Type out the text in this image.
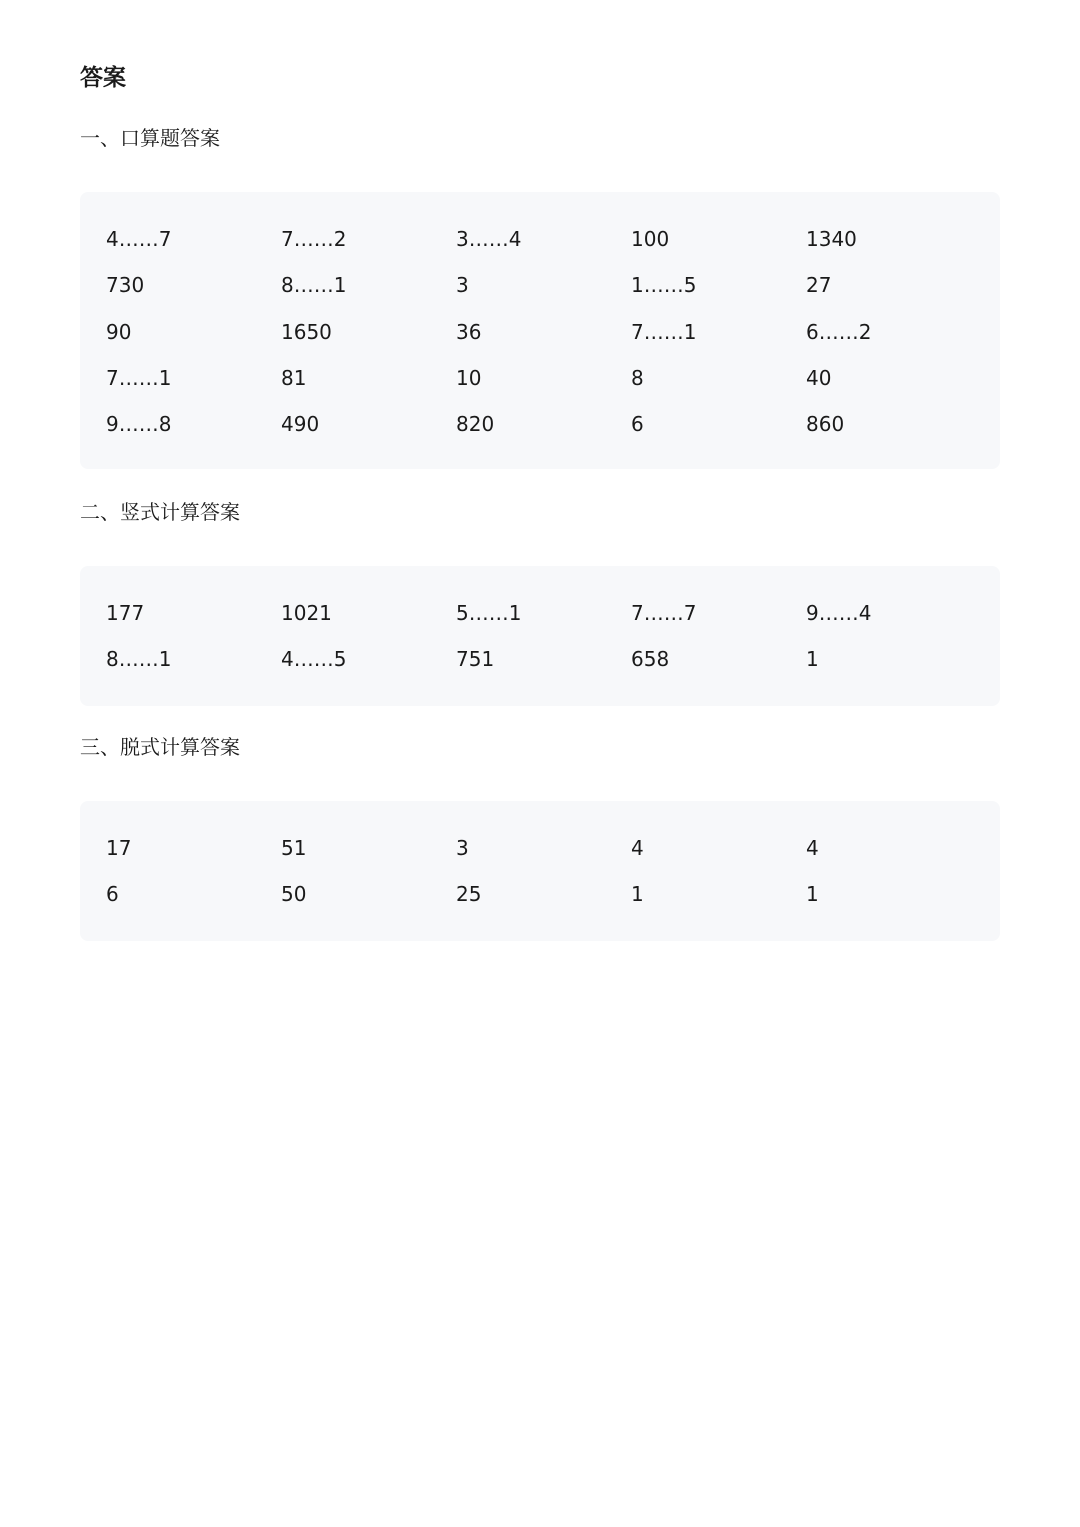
答案
一、口算题答案
4……7	7……2	3……4	100	1340
730	8……1	3	1……5	27
90	1650	36	7……1	6……2
7……1	81	10	8	40
9……8	490	820	6	860
二、竖式计算答案
177	1021	5……1	7……7	9……4
8……1	4……5	751	658	1
三、脱式计算答案
17	51	3	4	4
6	50	25	1	1
